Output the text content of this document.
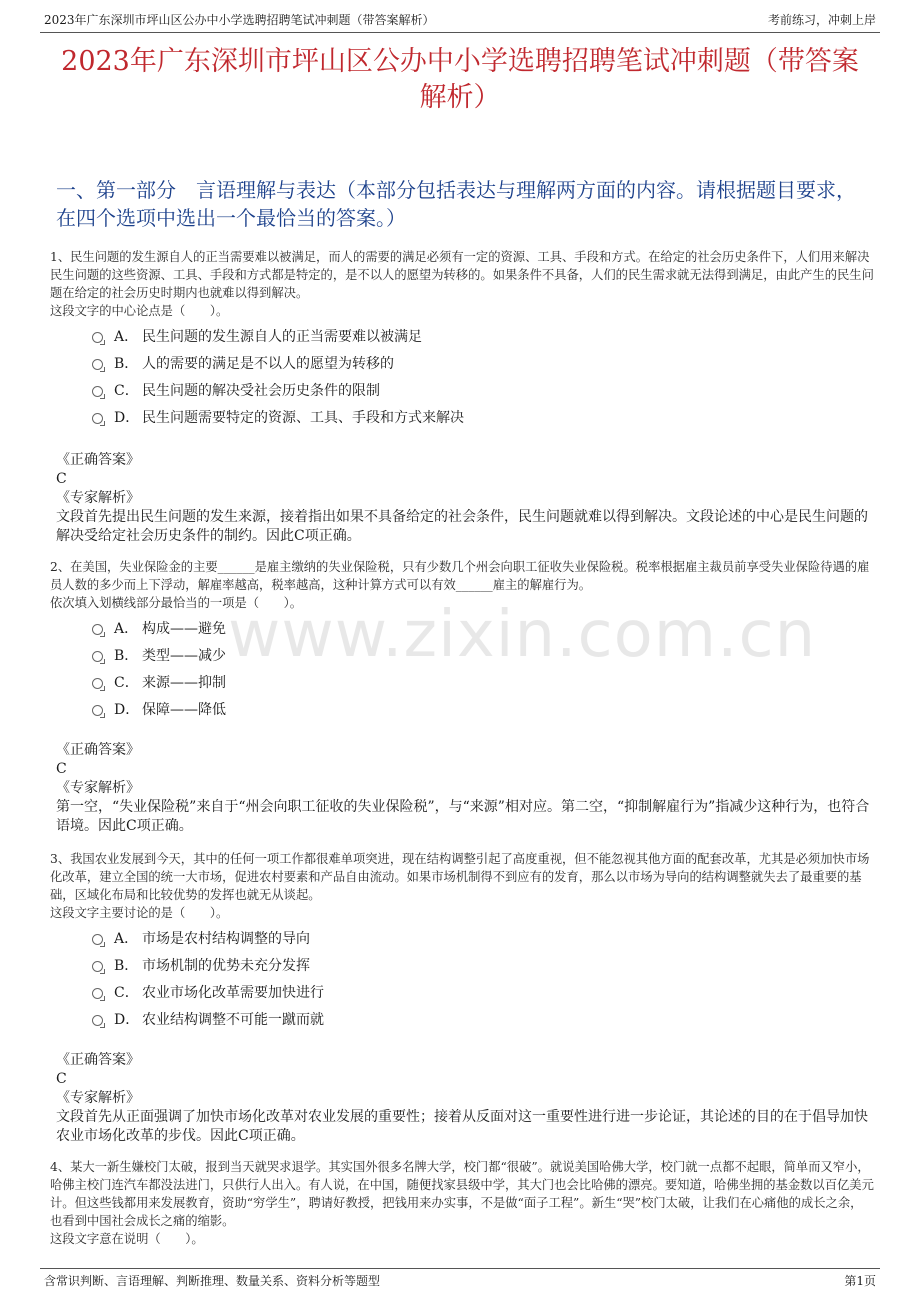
2023年广东深圳市坪山区公办中小学选聘招聘笔试冲刺题（带答案解析）	考前练习，冲刺上岸
2023年广东深圳市坪山区公办中小学选聘招聘笔试冲刺题（带答案解析）
一、第一部分　言语理解与表达（本部分包括表达与理解两方面的内容。请根据题目要求，在四个选项中选出一个最恰当的答案。）
www.zixin.com.cn

1、民生问题的发生源自人的正当需要难以被满足，而人的需要的满足必须有一定的资源、工具、手段和方式。在给定的社会历史条件下，人们用来解决民生问题的这些资源、工具、手段和方式都是特定的，是不以人的愿望为转移的。如果条件不具备，人们的民生需求就无法得到满足，由此产生的民生问题在给定的社会历史时期内也就难以得到解决。

这段文字的中心论点是（　　）。

A． 民生问题的发生源自人的正当需要难以被满足
B． 人的需要的满足是不以人的愿望为转移的
C． 民生问题的解决受社会历史条件的限制
D． 民生问题需要特定的资源、工具、手段和方式来解决

《正确答案》

C

《专家解析》

文段首先提出民生问题的发生来源，接着指出如果不具备给定的社会条件，民生问题就难以得到解决。文段论述的中心是民生问题的解决受给定社会历史条件的制约。因此C项正确。

2、在美国，失业保险金的主要______是雇主缴纳的失业保险税，只有少数几个州会向职工征收失业保险税。税率根据雇主裁员前享受失业保险待遇的雇员人数的多少而上下浮动，解雇率越高，税率越高，这种计算方式可以有效______雇主的解雇行为。

依次填入划横线部分最恰当的一项是（　　）。

A． 构成——避免
B． 类型——减少
C． 来源——抑制
D． 保障——降低

《正确答案》

C

《专家解析》

第一空，“失业保险税”来自于“州会向职工征收的失业保险税”，与“来源”相对应。第二空，“抑制解雇行为”指减少这种行为，也符合语境。因此C项正确。

3、我国农业发展到今天，其中的任何一项工作都很难单项突进，现在结构调整引起了高度重视，但不能忽视其他方面的配套改革，尤其是必须加快市场化改革，建立全国的统一大市场，促进农村要素和产品自由流动。如果市场机制得不到应有的发育，那么以市场为导向的结构调整就失去了最重要的基础，区域化布局和比较优势的发挥也就无从谈起。

这段文字主要讨论的是（　　）。

A． 市场是农村结构调整的导向
B． 市场机制的优势未充分发挥
C． 农业市场化改革需要加快进行
D． 农业结构调整不可能一蹴而就

《正确答案》

C

《专家解析》

文段首先从正面强调了加快市场化改革对农业发展的重要性；接着从反面对这一重要性进行进一步论证，其论述的目的在于倡导加快农业市场化改革的步伐。因此C项正确。

4、某大一新生嫌校门太破，报到当天就哭求退学。其实国外很多名牌大学，校门都“很破”。就说美国哈佛大学，校门就一点都不起眼，简单而又窄小，哈佛主校门连汽车都没法进门，只供行人出入。有人说，在中国，随便找家县级中学，其大门也会比哈佛的漂亮。要知道，哈佛坐拥的基金数以百亿美元计。但这些钱都用来发展教育，资助“穷学生”，聘请好教授，把钱用来办实事，不是做“面子工程”。新生“哭”校门太破，让我们在心痛他的成长之余，也看到中国社会成长之痛的缩影。

这段文字意在说明（　　）。

含常识判断、言语理解、判断推理、数量关系、资料分析等题型	第1页
